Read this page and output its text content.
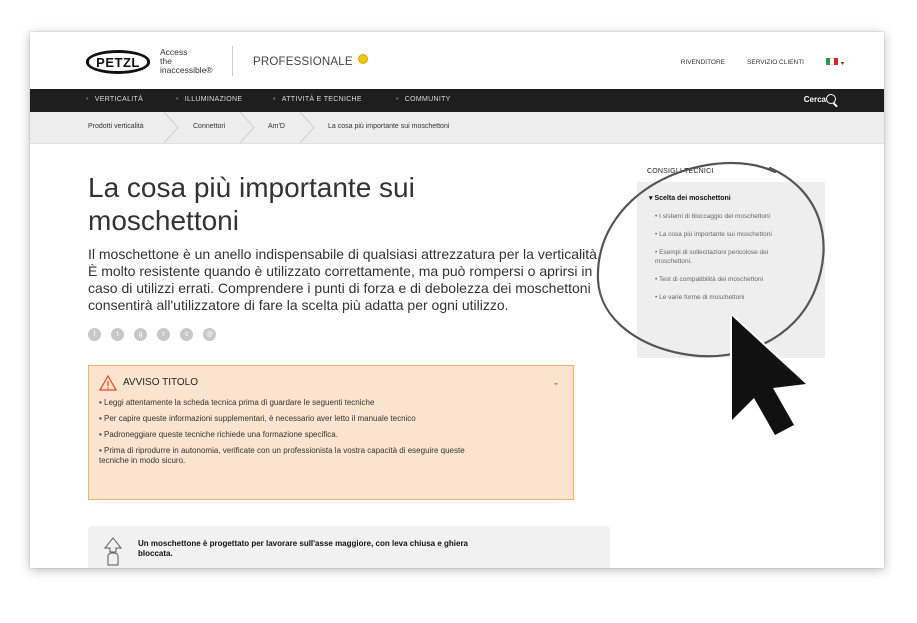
PETZL
Access
the
inaccessible®
PROFESSIONALE	RIVENDITORE	SERVIZIO CLIENTI	▾
• VERTICALITÀ	• ILLUMINAZIONE	• ATTIVITÀ E TECNICHE	• COMMUNITY	Cerca
Prodotti verticalità	Connettori	Am'D	La cosa più importante sui moschettoni
La cosa più importante sui moschettoni
Il moschettone è un anello indispensabile di qualsiasi attrezzatura per la verticalità. È molto resistente quando è utilizzato correttamente, ma può rompersi o aprirsi in caso di utilizzi errati. Comprendere i punti di forza e di debolezza dei moschettoni consentirà all'utilizzatore di fare la scelta più adatta per ogni utilizzo.
f	t	g	r	s	@
AVVISO TITOLO	-

• Leggi attentamente la scheda tecnica prima di guardare le seguenti tecniche

• Per capire queste informazioni supplementari, è necessario aver letto il manuale tecnico

• Padroneggiare queste tecniche richiede una formazione specifica.

• Prima di riprodurre in autonomia, verificate con un professionista la vostra capacità di eseguire queste tecniche in modo sicuro.

Un moschettone è progettato per lavorare sull'asse maggiore, con leva chiusa e ghiera bloccata.
CONSIGLI TECNICI
▾ Scelta dei moschettoni
• I sistemi di bloccaggio dei moschettoni
• La cosa più importante sui moschettoni
• Esempi di sollecitazioni pericolose dei moschettoni.
• Test di compatibilità dei moschettoni
• Le varie forme di moschettoni
